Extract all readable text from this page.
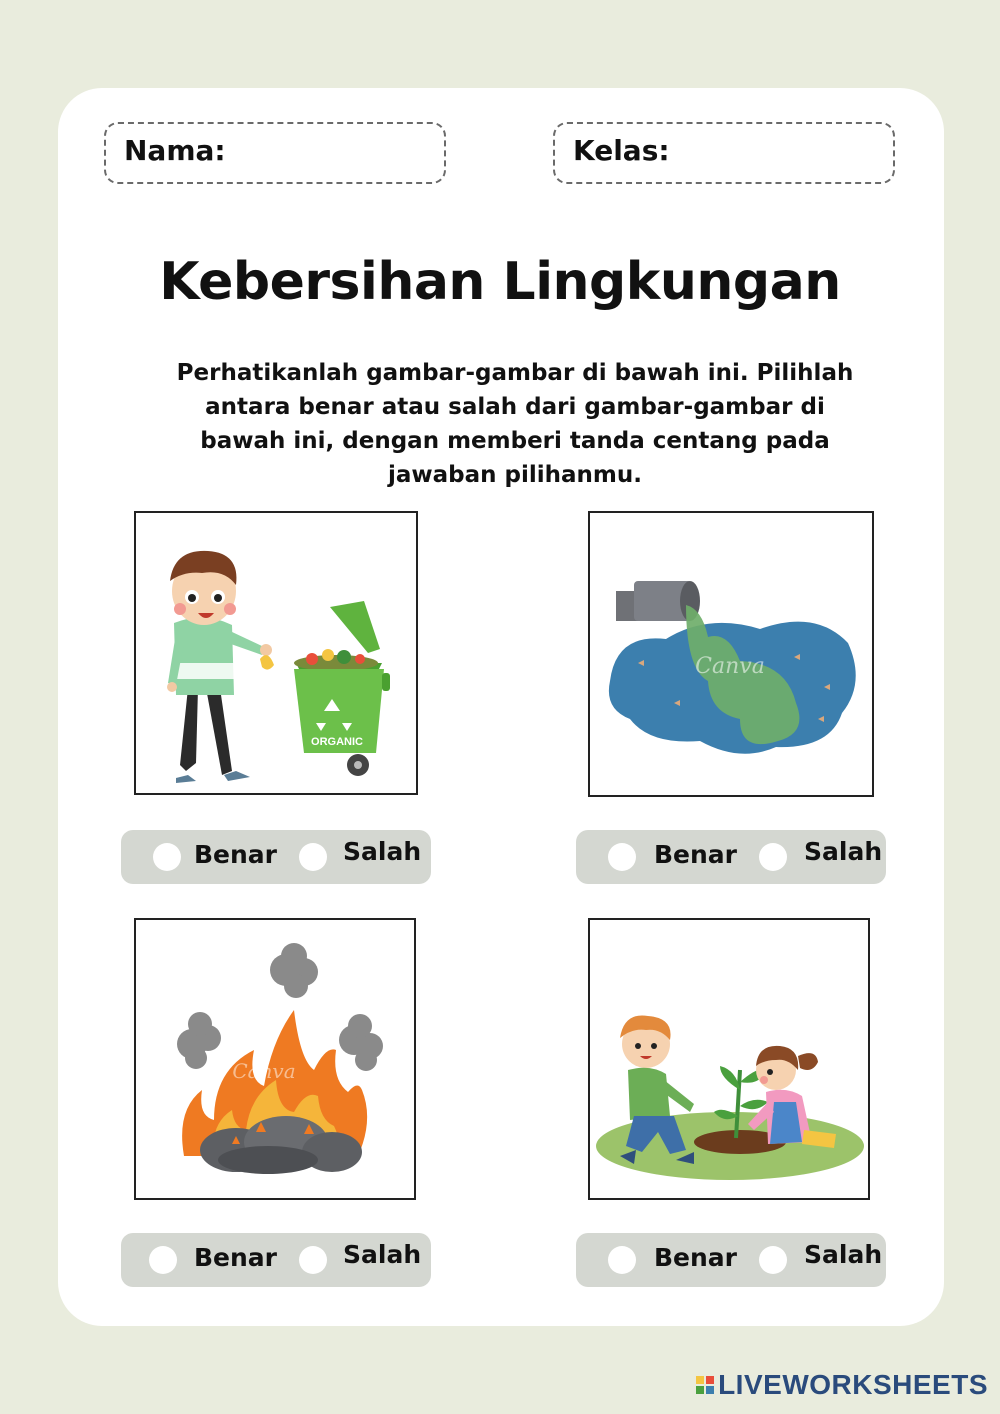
Nama:	Kelas:
Kebersihan Lingkungan
Perhatikanlah gambar-gambar di bawah ini. Pilihlah antara benar atau salah dari gambar-gambar di bawah ini, dengan memberi tanda centang pada jawaban pilihanmu.
ORGANIC
Canva
Canva
Benar	Salah	Benar	Salah
Benar	Salah	Benar	Salah
LIVEWORKSHEETS
